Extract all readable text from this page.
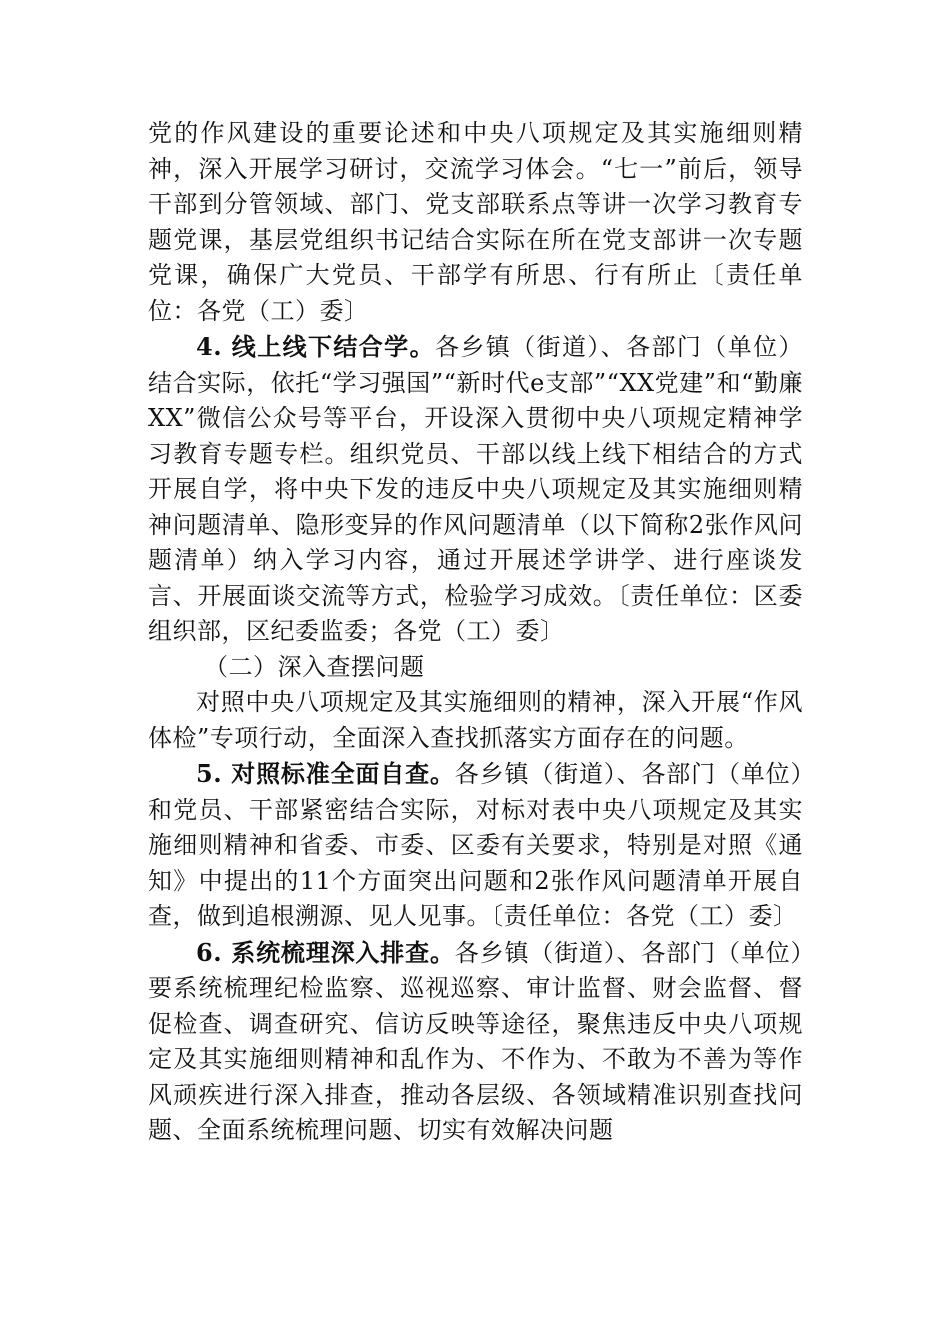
党的作风建设的重要论述和中央八项规定及其实施细则精神，深入开展学习研讨，交流学习体会。“七一”前后，领导干部到分管领域、部门、党支部联系点等讲一次学习教育专题党课，基层党组织书记结合实际在所在党支部讲一次专题党课，确保广大党员、干部学有所思、行有所止〔责任单位：各党（工）委〕

4. 线上线下结合学。各乡镇（街道）、各部门（单位）结合实际，依托“学习强国”“新时代e支部”“XX党建”和“勤廉XX”微信公众号等平台，开设深入贯彻中央八项规定精神学习教育专题专栏。组织党员、干部以线上线下相结合的方式开展自学，将中央下发的违反中央八项规定及其实施细则精神问题清单、隐形变异的作风问题清单（以下简称2张作风问题清单）纳入学习内容，通过开展述学讲学、进行座谈发言、开展面谈交流等方式，检验学习成效。〔责任单位：区委组织部，区纪委监委；各党（工）委〕

（二）深入查摆问题

对照中央八项规定及其实施细则的精神，深入开展“作风体检”专项行动，全面深入查找抓落实方面存在的问题。

5. 对照标准全面自查。各乡镇（街道）、各部门（单位）和党员、干部紧密结合实际，对标对表中央八项规定及其实施细则精神和省委、市委、区委有关要求，特别是对照《通知》中提出的11个方面突出问题和2张作风问题清单开展自查，做到追根溯源、见人见事。〔责任单位：各党（工）委〕

6. 系统梳理深入排查。各乡镇（街道）、各部门（单位）要系统梳理纪检监察、巡视巡察、审计监督、财会监督、督促检查、调查研究、信访反映等途径，聚焦违反中央八项规定及其实施细则精神和乱作为、不作为、不敢为不善为等作风顽疾进行深入排查，推动各层级、各领域精准识别查找问题、全面系统梳理问题、切实有效解决问题
